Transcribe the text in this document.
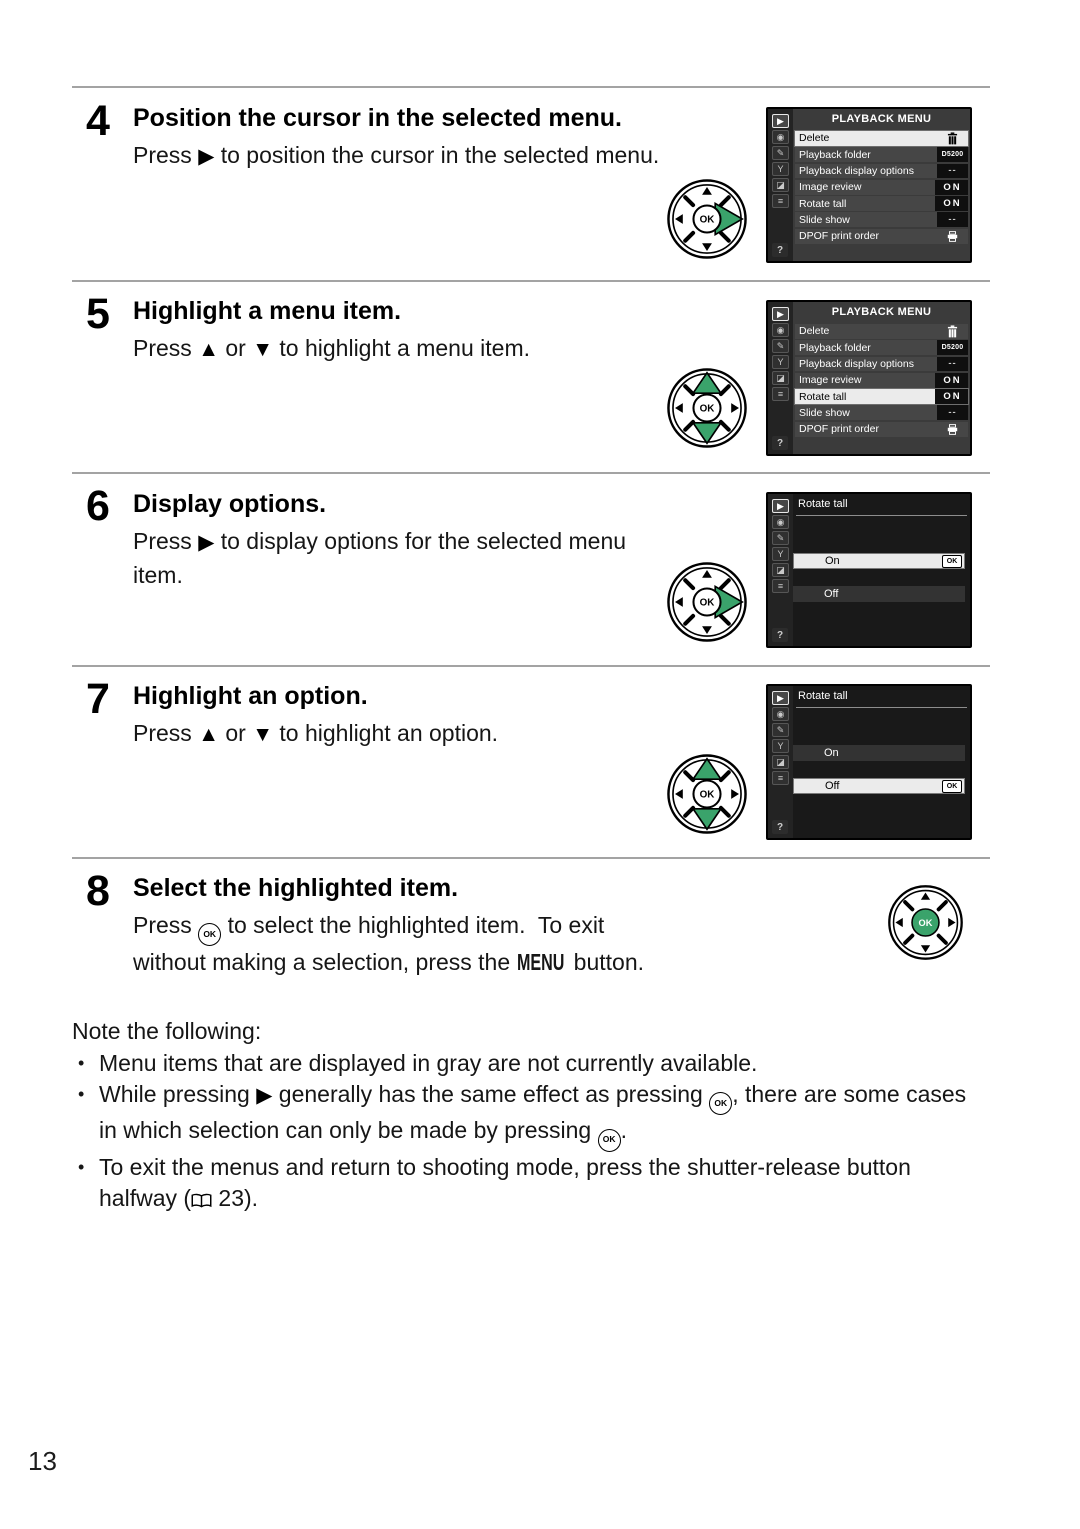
4 Position the cursor in the selected menu.
Press ▶ to position the cursor in the selected menu.
OK
▶
◉
✎
Y
◪
≡
?
PLAYBACK MENU
Delete
Playback folder	D5200
Playback display options	--
Image review	ON
Rotate tall	ON
Slide show	--
DPOF print order
5 Highlight a menu item.
Press ▲ or ▼ to highlight a menu item.
OK
▶
◉
✎
Y
◪
≡
?
PLAYBACK MENU
Delete
Playback folder	D5200
Playback display options	--
Image review	ON
Rotate tall	ON
Slide show	--
DPOF print order
6 Display options.
Press ▶ to display options for the selected menu item.
OK
▶
◉
✎
Y
◪
≡
?
Rotate tall
On	OK
Off
7 Highlight an option.
Press ▲ or ▼ to highlight an option.
OK
▶
◉
✎
Y
◪
≡
?
Rotate tall
On
Off	OK
8 Select the highlighted item.
Press OK to select the highlighted item.  To exit without making a selection, press the MENU button.
OK
Note the following:
• Menu items that are displayed in gray are not currently available.
• While pressing ▶ generally has the same effect as pressing OK , there are some cases in which selection can only be made by pressing OK .
• To exit the menus and return to shooting mode, press the shutter-release button halfway ( 23).
13
